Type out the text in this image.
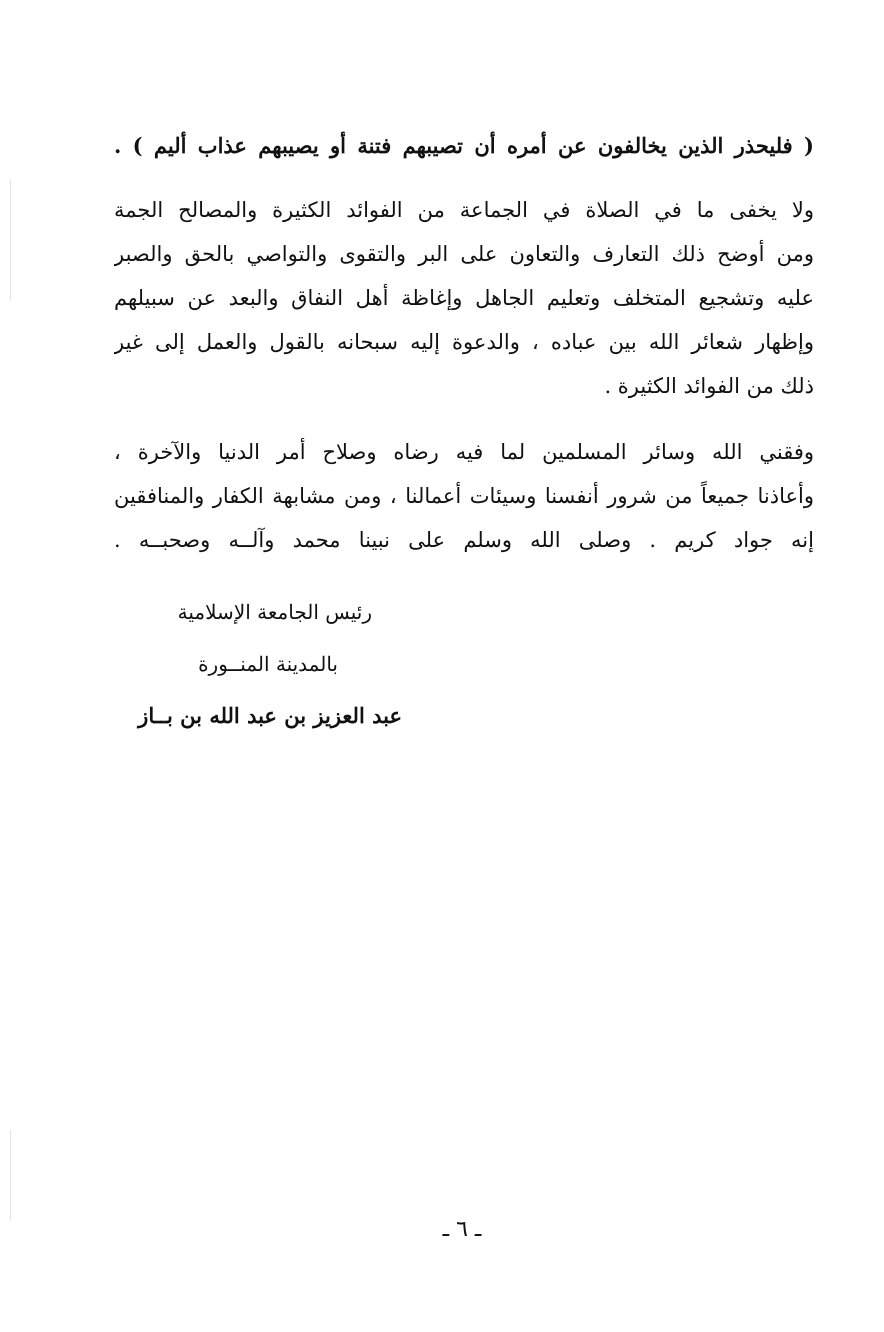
( فليحذر الذين يخالفون عن أمره أن تصيبهم فتنة أو يصيبهم عذاب أليم ) .
ولا يخفى ما في الصلاة في الجماعة من الفوائد الكثيرة والمصالح الجمة
ومن أوضح ذلك التعارف والتعاون على البر والتقوى والتواصي بالحق والصبر
عليه وتشجيع المتخلف وتعليم الجاهل وإغاظة أهل النفاق والبعد عن سبيلهم
وإظهار شعائر الله بين عباده ، والدعوة إليه سبحانه بالقول والعمل إلى غير
ذلك من الفوائد الكثيرة .
وفقني الله وسائر المسلمين لما فيه رضاه وصلاح أمر الدنيا والآخرة ،
وأعاذنا جميعاً من شرور أنفسنا وسيئات أعمالنا ، ومن مشابهة الكفار والمنافقين
إنه جواد كريم . وصلى الله وسلم على نبينا محمد وآلــه وصحبــه .
رئيس الجامعة الإسلامية
بالمدينة المنــورة
عبد العزيز بن عبد الله بن بــاز
ـ ٦ ـ
